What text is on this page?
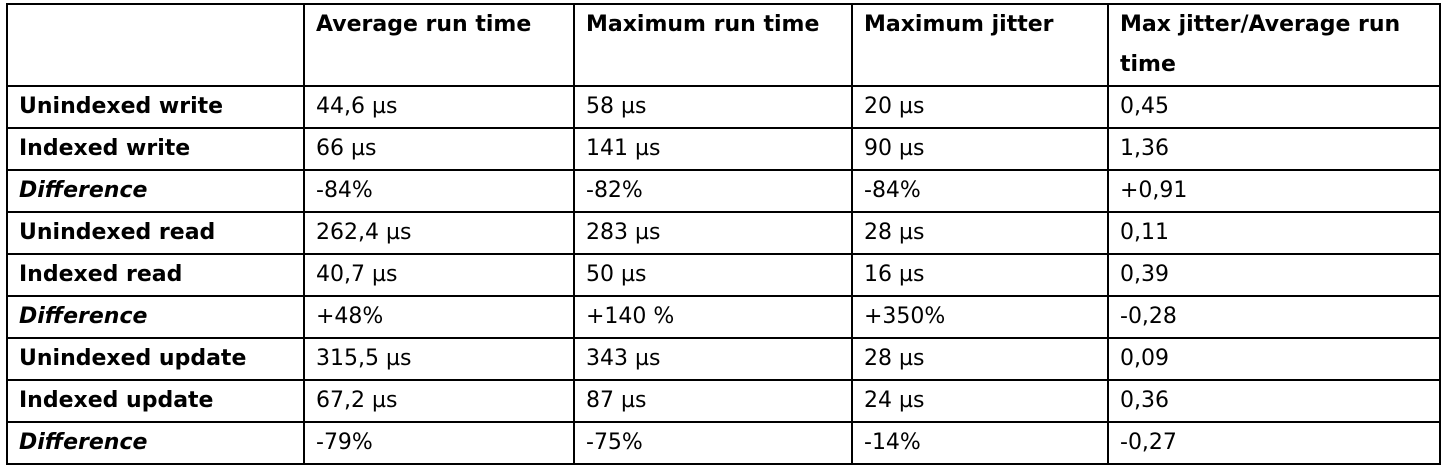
	Average run time	Maximum run time	Maximum jitter	Max jitter/Average run time
Unindexed write	44,6 µs	58 µs	20 µs	0,45
Indexed write	66 µs	141 µs	90 µs	1,36
Difference	-84%	-82%	-84%	+0,91
Unindexed read	262,4 µs	283 µs	28 µs	0,11
Indexed read	40,7 µs	50 µs	16 µs	0,39
Difference	+48%	+140 %	+350%	-0,28
Unindexed update	315,5 µs	343 µs	28 µs	0,09
Indexed update	67,2 µs	87 µs	24 µs	0,36
Difference	-79%	-75%	-14%	-0,27
